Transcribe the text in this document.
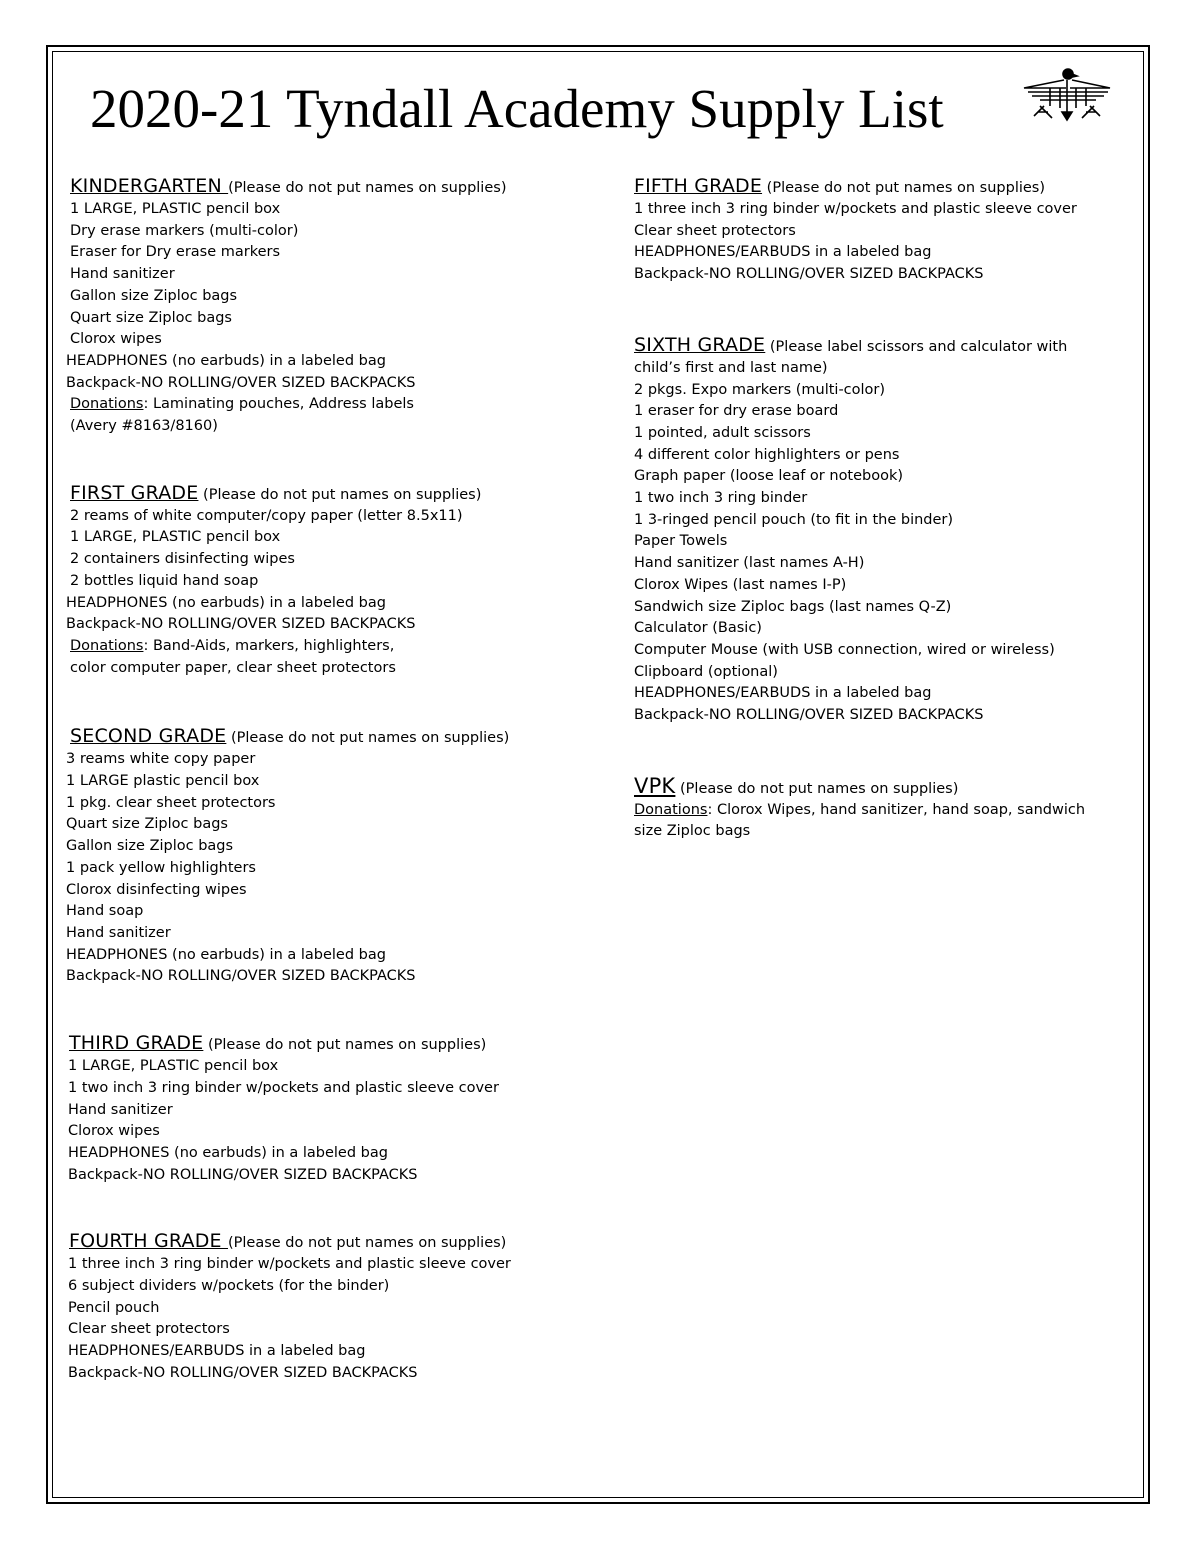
2020-21 Tyndall Academy Supply List
KINDERGARTEN (Please do not put names on supplies)
1 LARGE, PLASTIC pencil box
Dry erase markers (multi-color)
Eraser for Dry erase markers
Hand sanitizer
Gallon size Ziploc bags
Quart size Ziploc bags
Clorox wipes
HEADPHONES (no earbuds) in a labeled bag
Backpack-NO ROLLING/OVER SIZED BACKPACKS
Donations: Laminating pouches, Address labels
(Avery #8163/8160)
FIRST GRADE (Please do not put names on supplies)
2 reams of white computer/copy paper (letter 8.5x11)
1 LARGE, PLASTIC pencil box
2 containers disinfecting wipes
2 bottles liquid hand soap
HEADPHONES (no earbuds) in a labeled bag
Backpack-NO ROLLING/OVER SIZED BACKPACKS
Donations: Band-Aids, markers, highlighters,
color computer paper, clear sheet protectors
SECOND GRADE (Please do not put names on supplies)
3 reams white copy paper
1 LARGE plastic pencil box
1 pkg. clear sheet protectors
Quart size Ziploc bags
Gallon size Ziploc bags
1 pack yellow highlighters
Clorox disinfecting wipes
Hand soap
Hand sanitizer
HEADPHONES (no earbuds) in a labeled bag
Backpack-NO ROLLING/OVER SIZED BACKPACKS
THIRD GRADE (Please do not put names on supplies)
1 LARGE, PLASTIC pencil box
1 two inch 3 ring binder w/pockets and plastic sleeve cover
Hand sanitizer
Clorox wipes
HEADPHONES (no earbuds) in a labeled bag
Backpack-NO ROLLING/OVER SIZED BACKPACKS
FOURTH GRADE (Please do not put names on supplies)
1 three inch 3 ring binder w/pockets and plastic sleeve cover
6 subject dividers w/pockets (for the binder)
Pencil pouch
Clear sheet protectors
HEADPHONES/EARBUDS in a labeled bag
Backpack-NO ROLLING/OVER SIZED BACKPACKS
FIFTH GRADE (Please do not put names on supplies)
1 three inch 3 ring binder w/pockets and plastic sleeve cover
Clear sheet protectors
HEADPHONES/EARBUDS in a labeled bag
Backpack-NO ROLLING/OVER SIZED BACKPACKS
SIXTH GRADE (Please label scissors and calculator with
child’s first and last name)
2 pkgs. Expo markers (multi-color)
1 eraser for dry erase board
1 pointed, adult scissors
4 different color highlighters or pens
Graph paper (loose leaf or notebook)
1 two inch 3 ring binder
1 3-ringed pencil pouch (to fit in the binder)
Paper Towels
Hand sanitizer (last names A-H)
Clorox Wipes (last names I-P)
Sandwich size Ziploc bags (last names Q-Z)
Calculator (Basic)
Computer Mouse (with USB connection, wired or wireless)
Clipboard (optional)
HEADPHONES/EARBUDS in a labeled bag
Backpack-NO ROLLING/OVER SIZED BACKPACKS
VPK (Please do not put names on supplies)
Donations: Clorox Wipes, hand sanitizer, hand soap, sandwich
size Ziploc bags
